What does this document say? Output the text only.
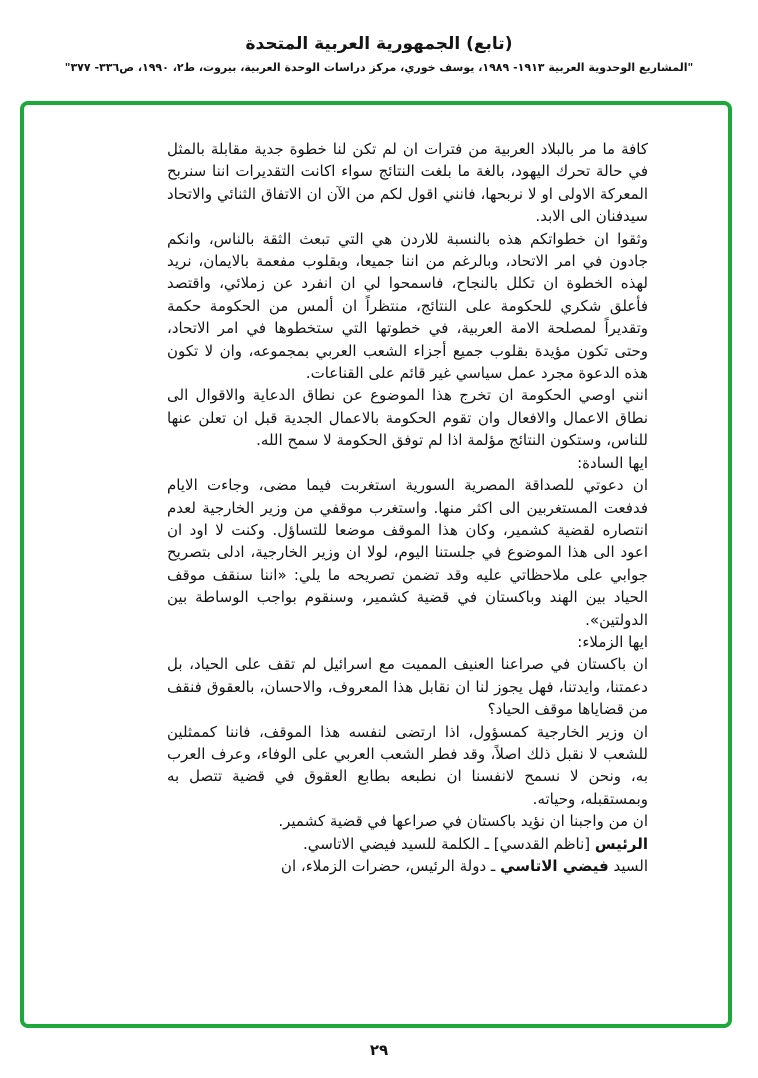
(تابع) الجمهورية العربية المتحدة
"المشاريع الوحدوية العربية ١٩١٣- ١٩٨٩، يوسف خوري، مركز دراسات الوحدة العربية، بيروت، ط٢، ١٩٩٠، ص٣٣٦- ٣٧٧"

كافة ما مر بالبلاد العربية من فترات ان لم تكن لنا خطوة جدية مقابلة بالمثل في حالة تحرك اليهود، بالغة ما بلغت النتائج سواء اكانت التقديرات اننا سنربح المعركة الاولى او لا نربحها، فانني اقول لكم من الآن ان الاتفاق الثنائي والاتحاد سيدفنان الى الابد.

وثقوا ان خطواتكم هذه بالنسبة للاردن هي التي تبعث الثقة بالناس، وانكم جادون في امر الاتحاد، وبالرغم من اننا جميعا، وبقلوب مفعمة بالايمان، نريد لهذه الخطوة ان تكلل بالنجاح، فاسمحوا لي ان انفرد عن زملائي، واقتصد فأعلق شكري للحكومة على النتائج، منتظراً ان ألمس من الحكومة حكمة وتقديراً لمصلحة الامة العربية، في خطوتها التي ستخطوها في امر الاتحاد، وحتى تكون مؤيدة بقلوب جميع أجزاء الشعب العربي بمجموعه، وان لا تكون هذه الدعوة مجرد عمل سياسي غير قائم على القناعات.

انني اوصي الحكومة ان تخرج هذا الموضوع عن نطاق الدعاية والاقوال الى نطاق الاعمال والافعال وان تقوم الحكومة بالاعمال الجدية قبل ان تعلن عنها للناس، وستكون النتائج مؤلمة اذا لم توفق الحكومة لا سمح الله.

ايها السادة:

ان دعوتي للصداقة المصرية السورية استغربت فيما مضى، وجاءت الايام فدفعت المستغربين الى اكثر منها. واستغرب موقفي من وزير الخارجية لعدم انتصاره لقضية كشمير، وكان هذا الموقف موضعا للتساؤل. وكنت لا اود ان اعود الى هذا الموضوع في جلستنا اليوم، لولا ان وزير الخارجية، ادلى بتصريح جوابي على ملاحظاتي عليه وقد تضمن تصريحه ما يلي: «اننا سنقف موقف الحياد بين الهند وباكستان في قضية كشمير، وسنقوم بواجب الوساطة بين الدولتين».

ايها الزملاء:

ان باكستان في صراعنا العنيف المميت مع اسرائيل لم تقف على الحياد، بل دعمتنا، وايدتنا، فهل يجوز لنا ان نقابل هذا المعروف، والاحسان، بالعقوق فنقف من قضاياها موقف الحياد؟

ان وزير الخارجية كمسؤول، اذا ارتضى لنفسه هذا الموقف، فاننا كممثلين للشعب لا نقبل ذلك اصلاً، وقد فطر الشعب العربي على الوفاء، وعرف العرب به، ونحن لا نسمح لانفسنا ان نطبعه بطابع العقوق في قضية تتصل به وبمستقبله، وحياته.

ان من واجبنا ان نؤيد باكستان في صراعها في قضية كشمير.

الرئيس [ناظم القدسي] ـ الكلمة للسيد فيضي الاتاسي.

السيد فيضي الاتاسي ـ دولة الرئيس، حضرات الزملاء، ان

٢٩
